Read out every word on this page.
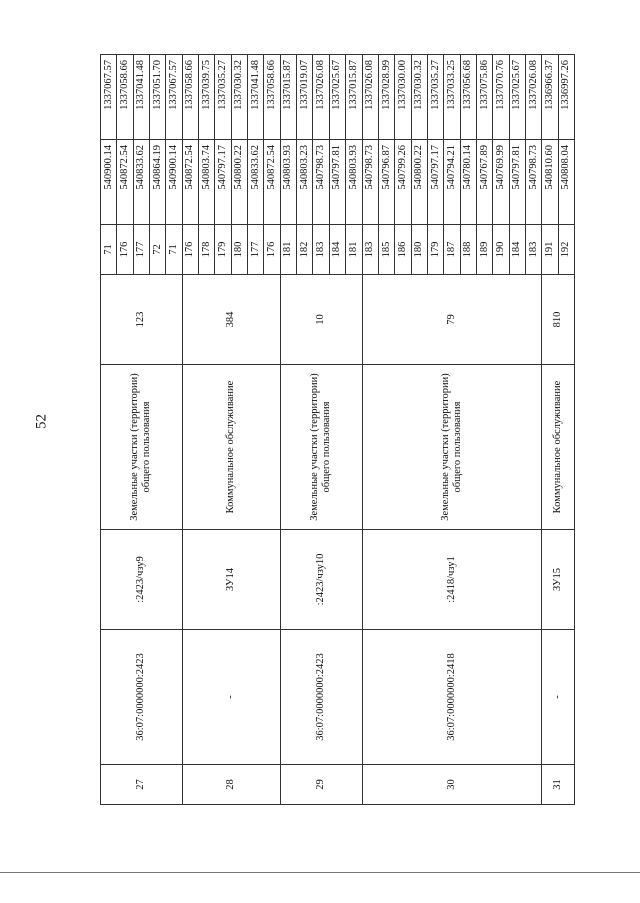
52
27	36:07:0000000:2423	:2423/чзу9	Земельные участки (территории) общего пользования	123	71	540900.14	1337067.57
					176	540872.54	1337058.66
					177	540833.62	1337041.48
					72	540864.19	1337051.70
					71	540900.14	1337067.57
28	-	ЗУ14	Коммунальное обслуживание	384	176	540872.54	1337058.66
					178	540803.74	1337039.75
					179	540797.17	1337035.27
					180	540800.22	1337030.32
					177	540833.62	1337041.48
					176	540872.54	1337058.66
29	36:07:0000000:2423	:2423/чзу10	Земельные участки (территории) общего пользования	10	181	540803.93	1337015.87
					182	540803.23	1337019.07
					183	540798.73	1337026.08
					184	540797.81	1337025.67
					181	540803.93	1337015.87
30	36:07:0000000:2418	:2418/чзу1	Земельные участки (территории) общего пользования	79	183	540798.73	1337026.08
					185	540796.87	1337028.99
					186	540799.26	1337030.00
					180	540800.22	1337030.32
					179	540797.17	1337035.27
					187	540794.21	1337033.25
					188	540780.14	1337056.68
					189	540767.89	1337075.86
					190	540769.99	1337070.76
					184	540797.81	1337025.67
					183	540798.73	1337026.08
31	-	ЗУ15	Коммунальное обслуживание	810	191	540810.60	1336966.37
					192	540808.04	1336997.26
